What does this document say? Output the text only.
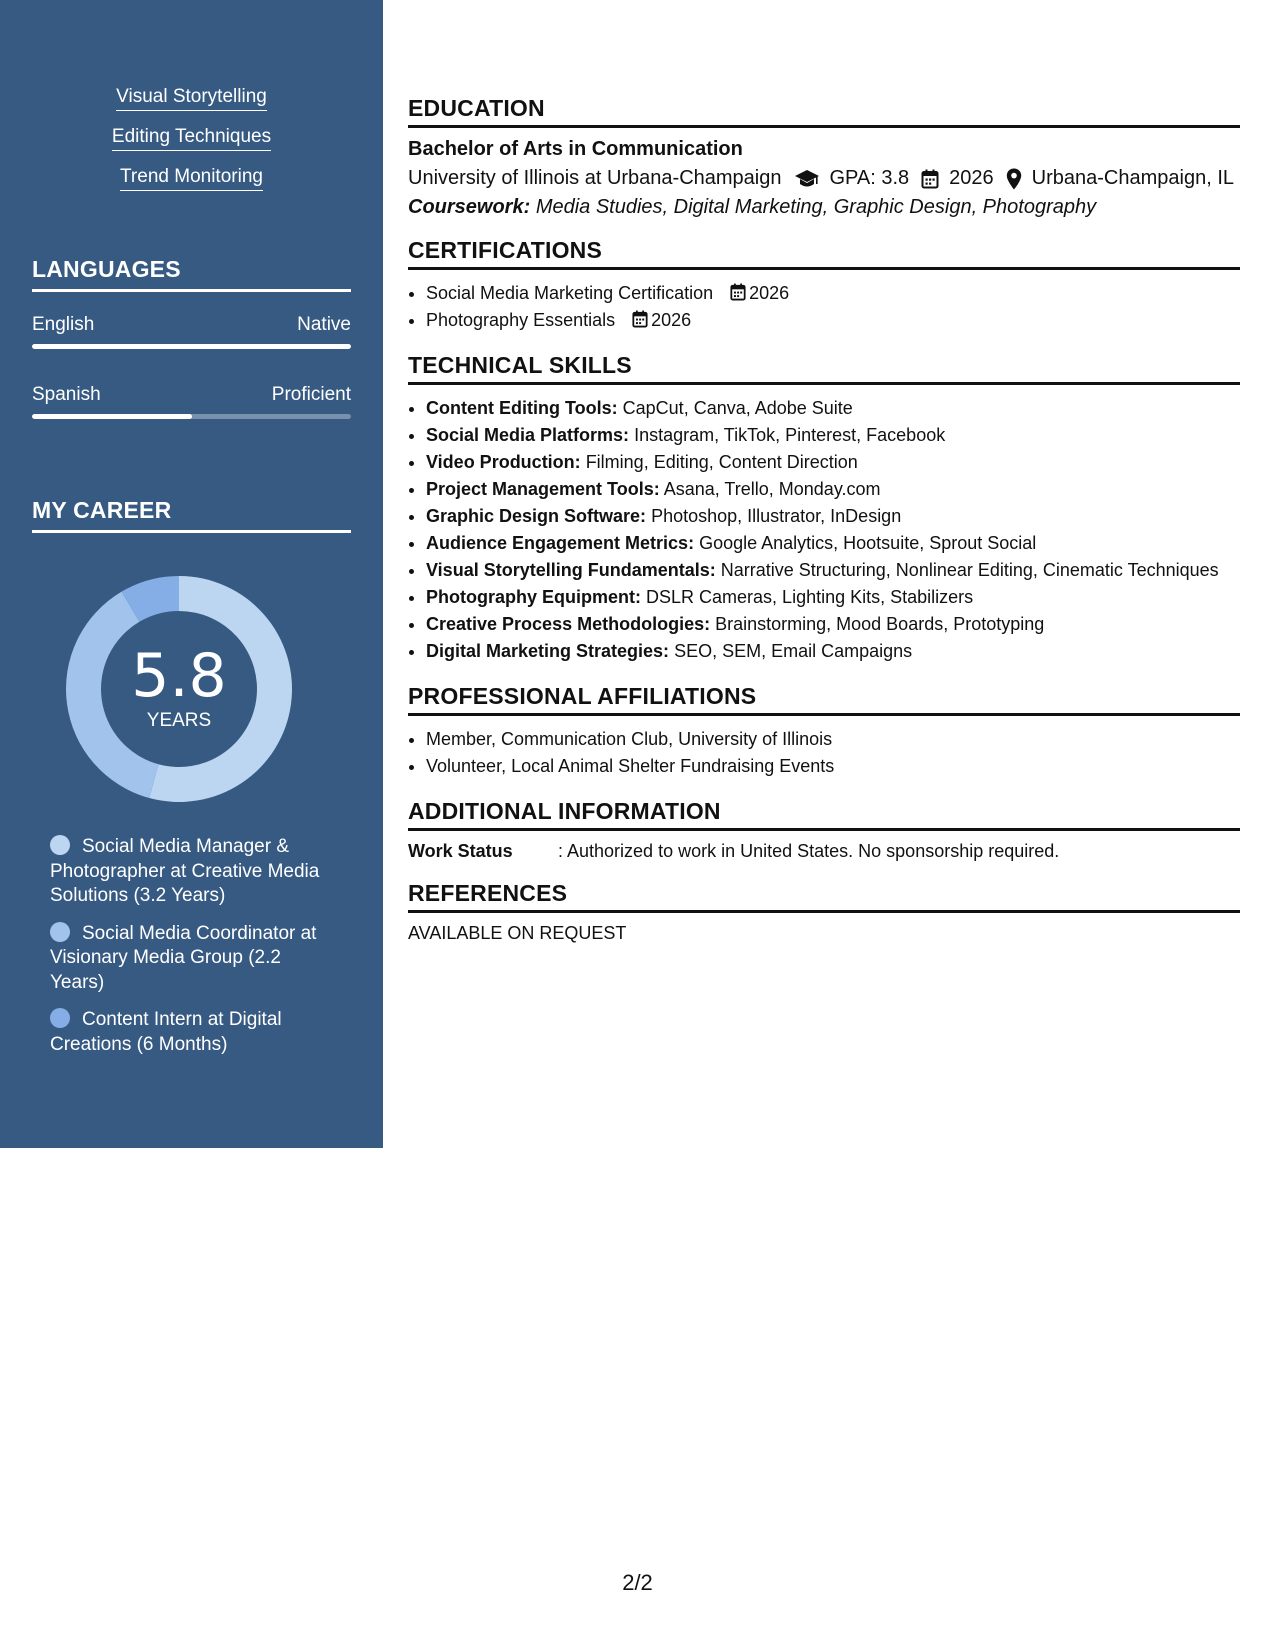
Visual Storytelling
Editing Techniques
Trend Monitoring
LANGUAGES
English	Native
Spanish	Proficient
MY CAREER
5.8
YEARS
Social Media Manager & Photographer at Creative Media Solutions (3.2 Years)
Social Media Coordinator at Visionary Media Group (2.2 Years)
Content Intern at Digital Creations (6 Months)
EDUCATION
Bachelor of Arts in Communication
University of Illinois at Urbana-Champaign GPA: 3.8 2026 Urbana-Champaign, IL
Coursework: Media Studies, Digital Marketing, Graphic Design, Photography
CERTIFICATIONS
• Social Media Marketing Certification 2026
• Photography Essentials 2026
TECHNICAL SKILLS
• Content Editing Tools: CapCut, Canva, Adobe Suite
• Social Media Platforms: Instagram, TikTok, Pinterest, Facebook
• Video Production: Filming, Editing, Content Direction
• Project Management Tools: Asana, Trello, Monday.com
• Graphic Design Software: Photoshop, Illustrator, InDesign
• Audience Engagement Metrics: Google Analytics, Hootsuite, Sprout Social
• Visual Storytelling Fundamentals: Narrative Structuring, Nonlinear Editing, Cinematic Techniques
• Photography Equipment: DSLR Cameras, Lighting Kits, Stabilizers
• Creative Process Methodologies: Brainstorming, Mood Boards, Prototyping
• Digital Marketing Strategies: SEO, SEM, Email Campaigns
PROFESSIONAL AFFILIATIONS
• Member, Communication Club, University of Illinois
• Volunteer, Local Animal Shelter Fundraising Events
ADDITIONAL INFORMATION
Work Status	: Authorized to work in United States. No sponsorship required.
REFERENCES
AVAILABLE ON REQUEST
2/2
